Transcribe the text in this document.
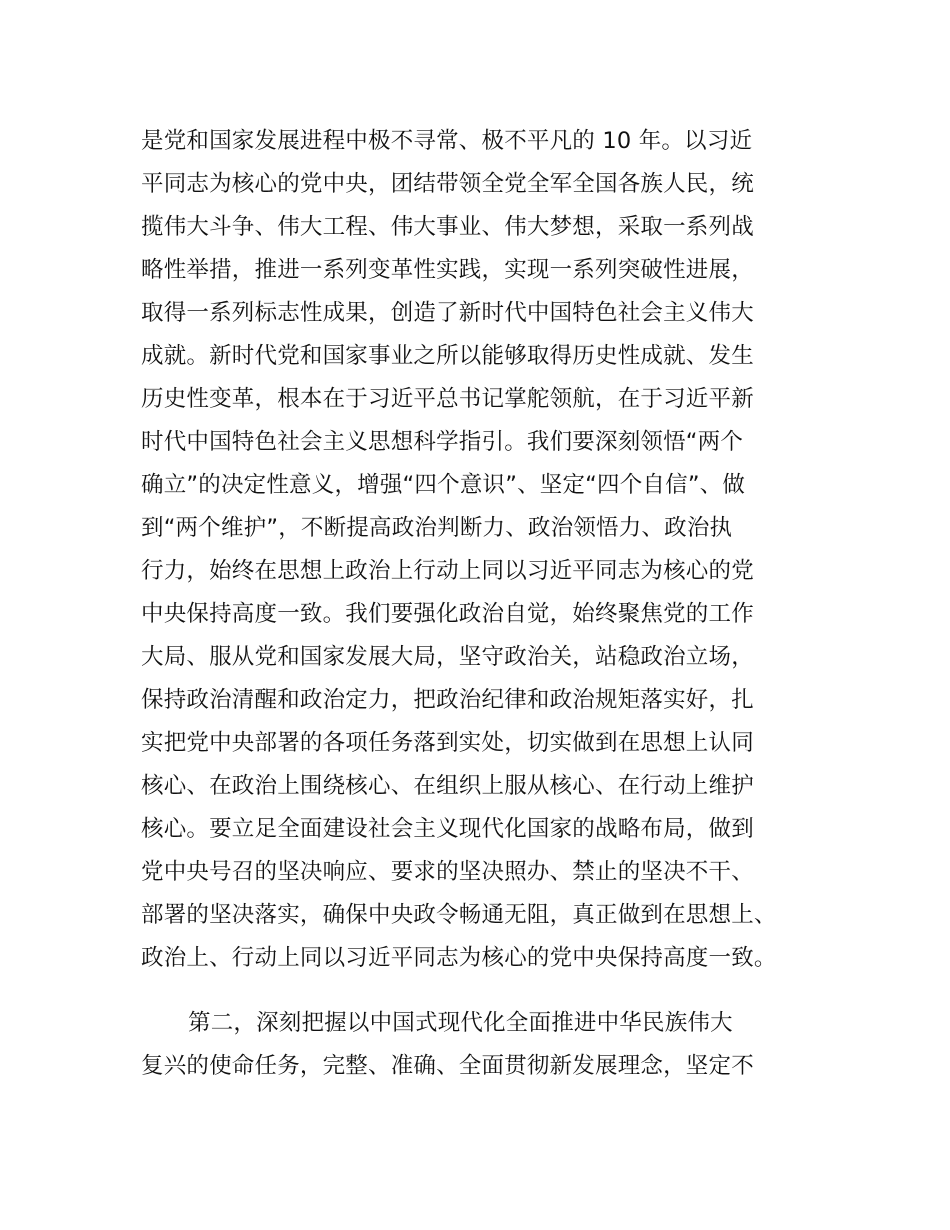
是党和国家发展进程中极不寻常、极不平凡的 10 年。以习近
平同志为核心的党中央，团结带领全党全军全国各族人民，统
揽伟大斗争、伟大工程、伟大事业、伟大梦想，采取一系列战
略性举措，推进一系列变革性实践，实现一系列突破性进展，
取得一系列标志性成果，创造了新时代中国特色社会主义伟大
成就。新时代党和国家事业之所以能够取得历史性成就、发生
历史性变革，根本在于习近平总书记掌舵领航，在于习近平新
时代中国特色社会主义思想科学指引。我们要深刻领悟“两个
确立”的决定性意义，增强“四个意识”、坚定“四个自信”、做
到“两个维护”，不断提高政治判断力、政治领悟力、政治执
行力，始终在思想上政治上行动上同以习近平同志为核心的党
中央保持高度一致。我们要强化政治自觉，始终聚焦党的工作
大局、服从党和国家发展大局，坚守政治关，站稳政治立场，
保持政治清醒和政治定力，把政治纪律和政治规矩落实好，扎
实把党中央部署的各项任务落到实处，切实做到在思想上认同
核心、在政治上围绕核心、在组织上服从核心、在行动上维护
核心。要立足全面建设社会主义现代化国家的战略布局，做到
党中央号召的坚决响应、要求的坚决照办、禁止的坚决不干、
部署的坚决落实，确保中央政令畅通无阻，真正做到在思想上、
政治上、行动上同以习近平同志为核心的党中央保持高度一致。
第二，深刻把握以中国式现代化全面推进中华民族伟大
复兴的使命任务，完整、准确、全面贯彻新发展理念，坚定不
